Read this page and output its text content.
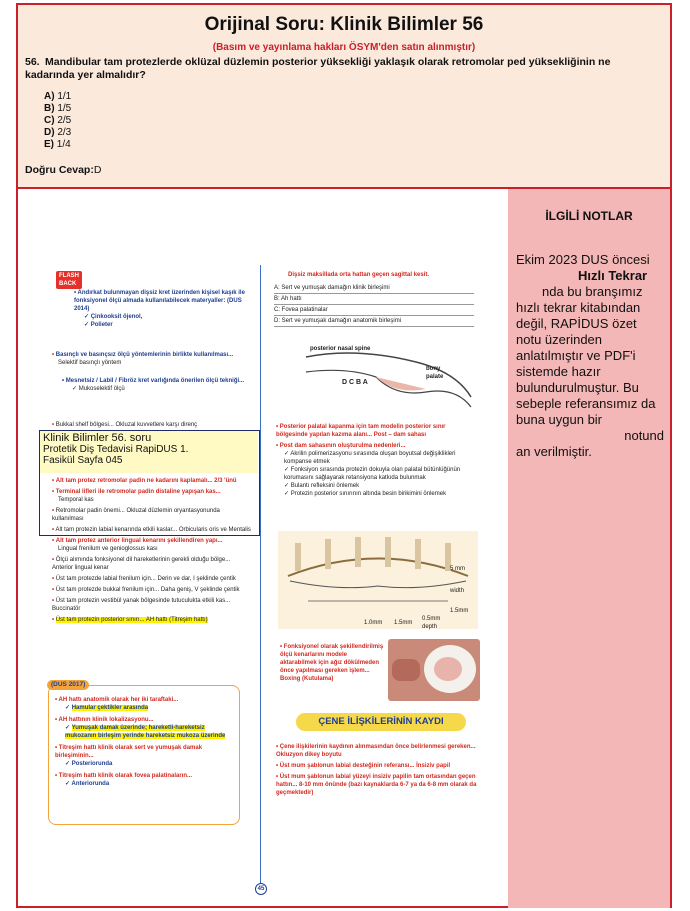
Orijinal Soru: Klinik Bilimler 56
(Basım ve yayınlama hakları ÖSYM'den satın alınmıştır)
56. Mandibular tam protezlerde oklüzal düzlemin posterior yüksekliği yaklaşık olarak retromolar ped yüksekliğinin ne kadarında yer almalıdır?
A) 1/1
B) 1/5
C) 2/5
D) 2/3
E) 1/4
Doğru Cevap:D
İLGİLİ NOTLAR
Ekim 2023 DUS öncesi
Hızlı Tekrar
nda bu branşımız
hızlı tekrar kitabından değil, RAPİDUS özet notu üzerinden anlatılmıştır ve PDF'i sistemde hazır bulundurulmuştur. Bu sebeple referansımız da buna uygun bir
notund
an verilmiştir.
FLASH BACK
• Andırkat bulunmayan dişsiz kret üzerinden kişisel kaşık ile fonksiyonel ölçü almada kullanılabilecek materyaller: (DUS 2014)
✓ Çinkooksit öjenol,
✓ Polieter
• Basınçlı ve basınçsız ölçü yöntemlerinin birlikte kullanılması...
Selektif basınçlı yöntem
• Mesnetsiz / Labil / Fibröz kret varlığında önerilen ölçü tekniği...
✓ Mukoselektif ölçü
• Bukkal shelf bölgesi... Okluzal kuvvetlere karşı direnç
• Alt tam protez retromolar padin ne kadarını kaplamalı... 2/3 'ünü
• Terminal lifleri ile retromolar padin distaline yapışan kas...
Temporal kas
• Retromolar padin önemi... Okluzal düzlemin oryantasyonunda kullanılması
• Alt tam protezin labial kenarında etkili kaslar... Orbicularis oris ve Mentalis
• Alt tam protez anterior lingual kenarını şekillendiren yapı...
Lingual frenilum ve genioglossus kası
• Ölçü alımında fonksiyonel dil hareketlerinin gerekli olduğu bölge... Anterior lingual kenar
• Üst tam protezde labial frenilum için... Derin ve dar, I şeklinde çentik
• Üst tam protezde bukkal frenilum için... Daha geniş, V şeklinde çentik
• Üst tam protezin vestibül yanak bölgesinde tutuculukta etkili kas... Buccinatör
• Üst tam protezin posterior sınırı... AH hattı (Titreşim hattı)
(DUS 2017)
• AH hattı anatomik olarak her iki taraftaki...
✓ Hamular çektikler arasında
• AH hattının klinik lokalizasyonu...
✓ Yumuşak damak üzerinde; hareketli-hareketsiz mukozanın birleşim yerinde hareketsiz mukoza üzerinde
• Titreşim hattı klinik olarak sert ve yumuşak damak birleşiminin...
✓ Posteriorunda
• Titreşim hattı klinik olarak fovea palatinaların...
✓ Anteriorunda
Dişsiz maksillada orta hattan geçen sagittal kesit.
A: Sert ve yumuşak damağın klinik birleşimi
B: Ah hattı
C: Fovea palatinalar
D: Sert ve yumuşak damağın anatomik birleşimi
posterior nasal spine
bony palate
D C B A
• Posterior palatal kapanma için tam modelin posterior sınır bölgesinde yapılan kazıma alanı... Post – dam sahası
• Post dam sahasının oluşturulma nedenleri...
✓ Akrilin polimerizasyonu sırasında oluşan boyutsal değişiklikleri kompanse etmek
✓ Fonksiyon sırasında protezin dokuyla olan palatal bütünlüğünün korumasını sağlayarak retansiyona katkıda bulunmak
✓ Bulantı refleksini önlemek
✓ Protezin posterior sınırının altında besin birikimini önlemek
5 mm
width
1.5mm
1.0mm 1.5mm
0.5mm depth
• Fonksiyonel olarak şekillendirilmiş ölçü kenarlarını modele aktarabilmek için ağız dökülmeden önce yapılması gereken işlem... Boxing (Kutulama)
ÇENE İLİŞKİLERİNİN KAYDI
• Çene ilişkilerinin kaydının alınmasından önce belirlenmesi gereken... Okluzyon dikey boyutu
• Üst mum şablonun labial desteğinin referansı... İnsiziv papil
• Üst mum şablonun labial yüzeyi insiziv papilin tam ortasından geçen hattın... 8-10 mm önünde (bazı kaynaklarda 6-7 ya da 6-8 mm olarak da geçmektedir)
45
Klinik Bilimler 56. soru
Protetik Diş Tedavisi RapiDUS 1.
Fasikül Sayfa 045
